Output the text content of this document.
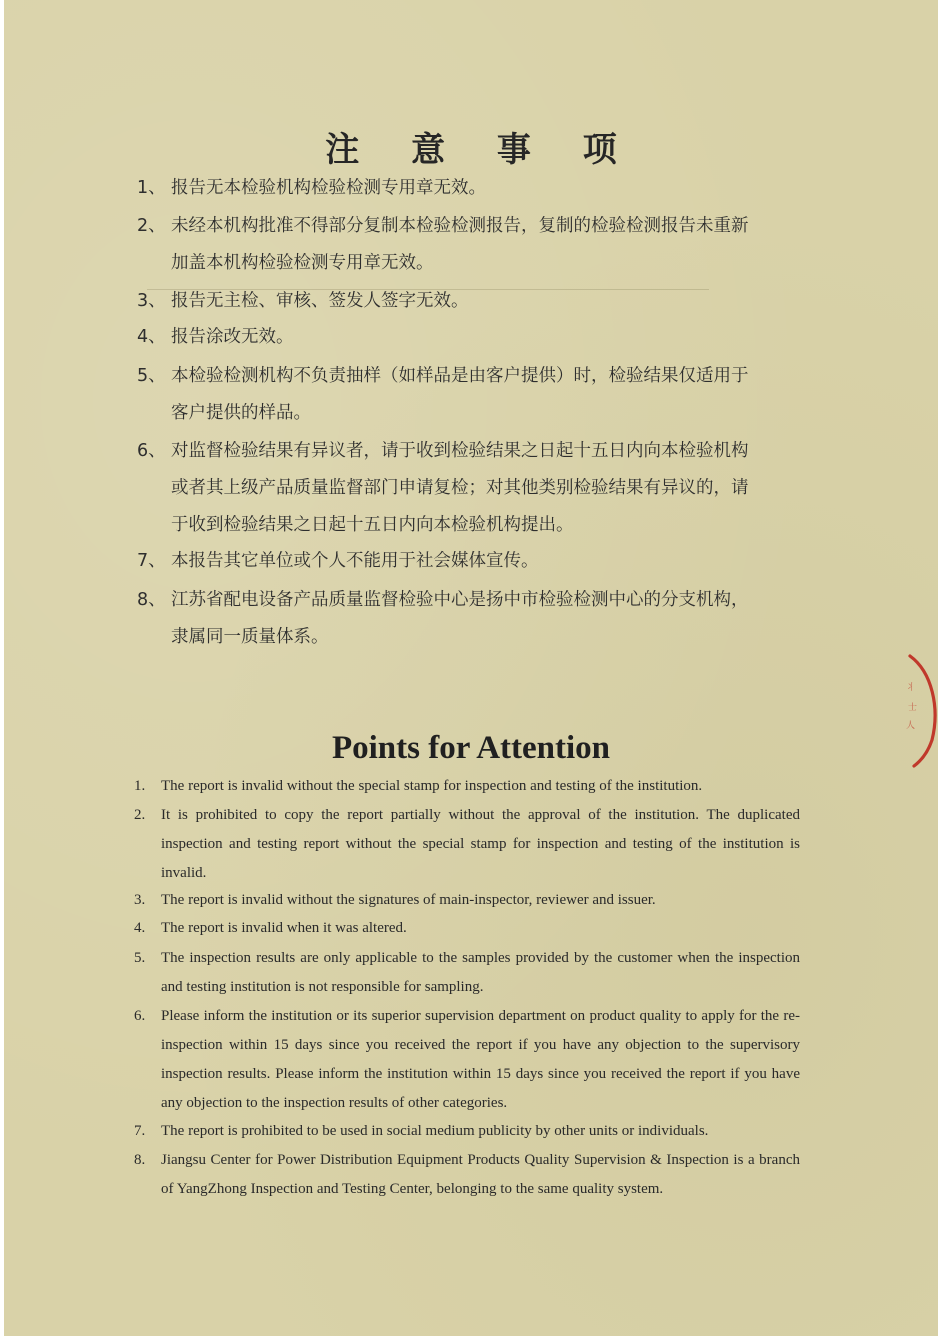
注 意 事 项

1、 报告无本检验机构检验检测专用章无效。

2、 未经本机构批准不得部分复制本检验检测报告，复制的检验检测报告未重新
加盖本机构检验检测专用章无效。

3、 报告无主检、审核、签发人签字无效。

4、 报告涂改无效。

5、 本检验检测机构不负责抽样（如样品是由客户提供）时，检验结果仅适用于
客户提供的样品。

6、 对监督检验结果有异议者，请于收到检验结果之日起十五日内向本检验机构
或者其上级产品质量监督部门申请复检；对其他类别检验结果有异议的，请
于收到检验结果之日起十五日内向本检验机构提出。

7、 本报告其它单位或个人不能用于社会媒体宣传。

8、 江苏省配电设备产品质量监督检验中心是扬中市检验检测中心的分支机构，
隶属同一质量体系。

丬
士
人
Points for Attention

1.	The report is invalid without the special stamp for inspection and testing of the institution.

2.	It is prohibited to copy the report partially without the approval of the institution. The duplicated inspection and testing report without the special stamp for inspection and testing of the institution is invalid.

3.	The report is invalid without the signatures of main-inspector, reviewer and issuer.

4.	The report is invalid when it was altered.

5.	The inspection results are only applicable to the samples provided by the customer when the inspection and testing institution is not responsible for sampling.

6.	Please inform the institution or its superior supervision department on product quality to apply for the re-inspection within 15 days since you received the report if you have any objection to the supervisory inspection results. Please inform the institution within 15 days since you received the report if you have any objection to the inspection results of other categories.

7.	The report is prohibited to be used in social medium publicity by other units or individuals.

8.	Jiangsu Center for Power Distribution Equipment Products Quality Supervision & Inspection is a branch of YangZhong Inspection and Testing Center, belonging to the same quality system.
